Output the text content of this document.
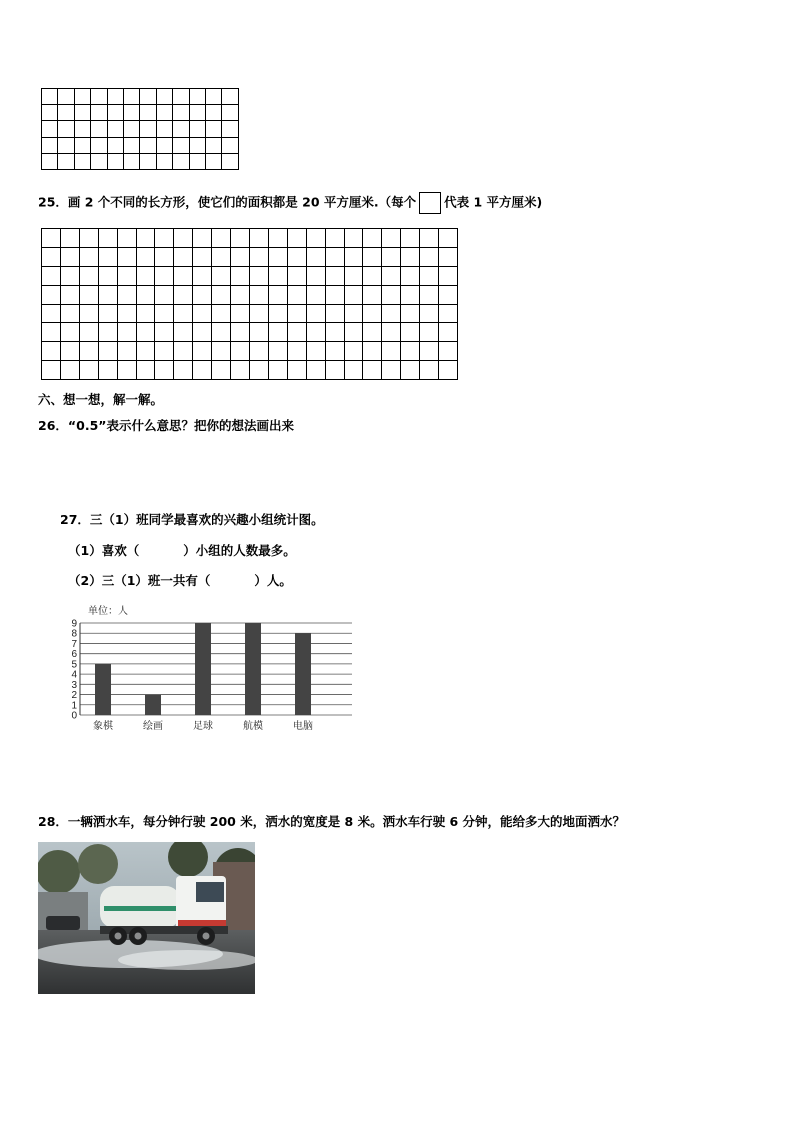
25．画 2 个不同的长方形，使它们的面积都是 20 平方厘米.（每个 代表 1 平方厘米)

六、想一想，解一解。
26．“0.5”表示什么意思？把你的想法画出来
27．三（1）班同学最喜欢的兴趣小组统计图。
（1）喜欢（	）小组的人数最多。
（2）三（1）班一共有（	）人。
单位：人
0
1
2
3
4
5
6
7
8
9
象棋	绘画	足球	航模	电脑
28．一辆洒水车，每分钟行驶 200 米，洒水的宽度是 8 米。洒水车行驶 6 分钟，能给多大的地面洒水？
